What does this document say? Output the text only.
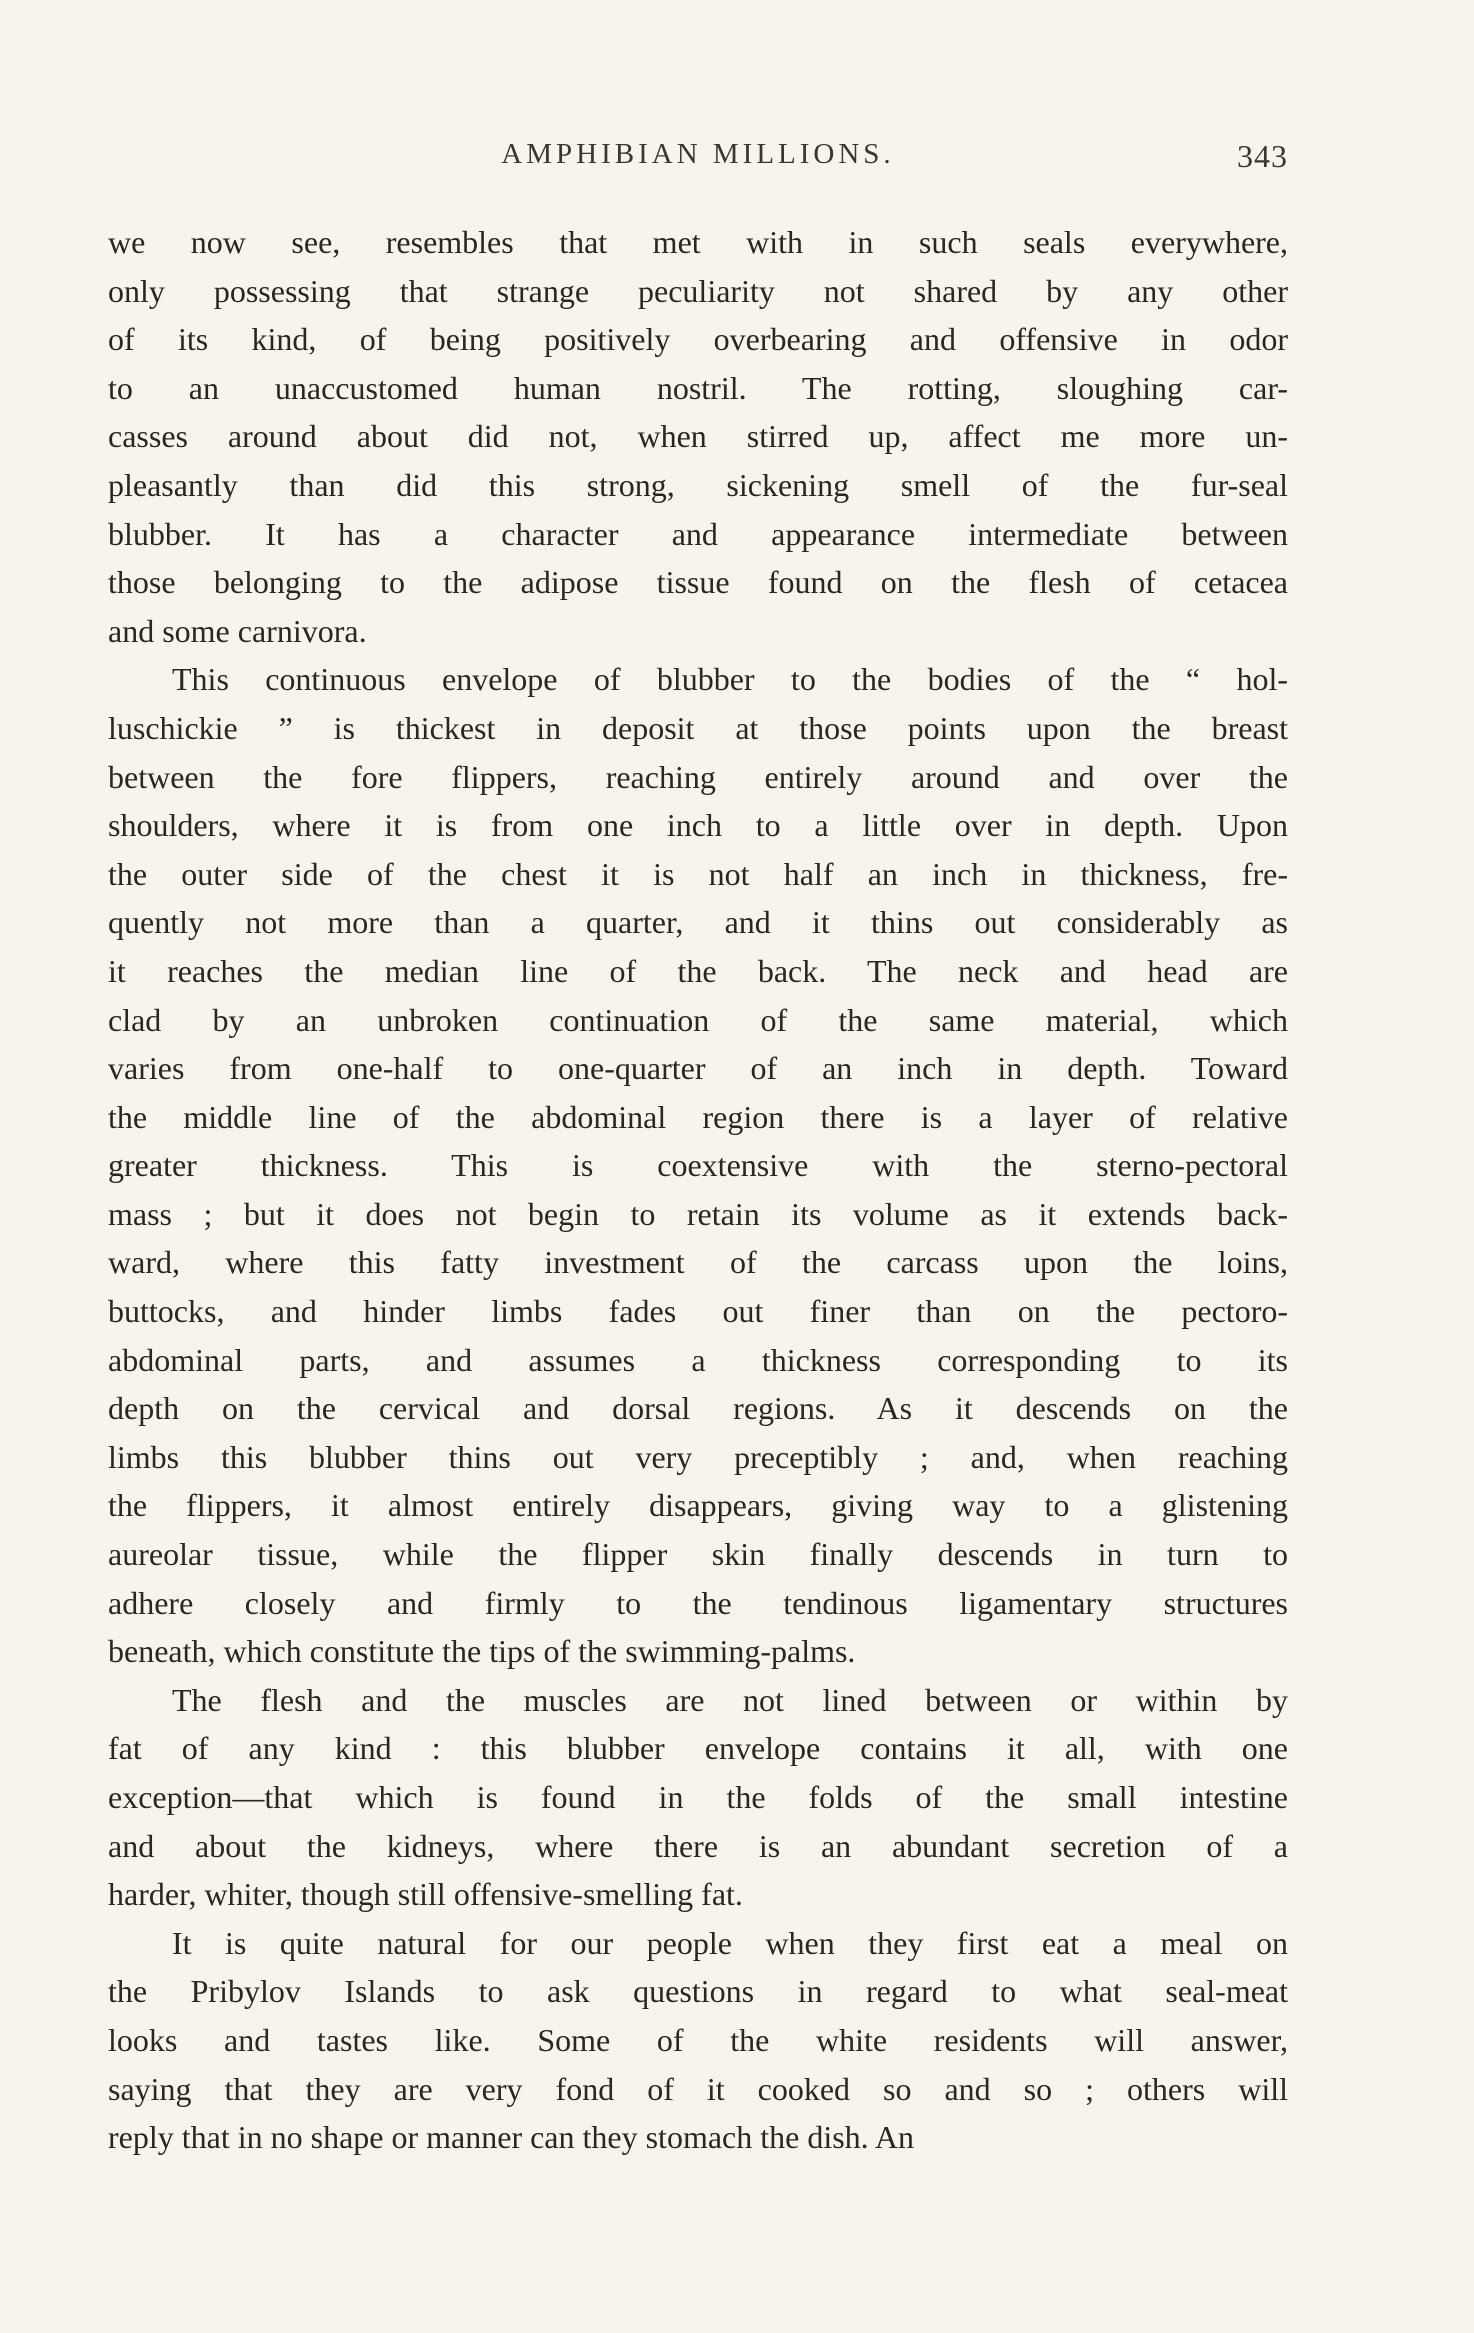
AMPHIBIAN MILLIONS.	343
we now see, resembles that met with in such seals everywhere,
only possessing that strange peculiarity not shared by any other
of its kind, of being positively overbearing and offensive in odor
to an unaccustomed human nostril. The rotting, sloughing car-
casses around about did not, when stirred up, affect me more un-
pleasantly than did this strong, sickening smell of the fur-seal
blubber. It has a character and appearance intermediate between
those belonging to the adipose tissue found on the flesh of cetacea
and some carnivora.
This continuous envelope of blubber to the bodies of the “ hol-
luschickie ” is thickest in deposit at those points upon the breast
between the fore flippers, reaching entirely around and over the
shoulders, where it is from one inch to a little over in depth. Upon
the outer side of the chest it is not half an inch in thickness, fre-
quently not more than a quarter, and it thins out considerably as
it reaches the median line of the back. The neck and head are
clad by an unbroken continuation of the same material, which
varies from one-half to one-quarter of an inch in depth. Toward
the middle line of the abdominal region there is a layer of relative
greater thickness. This is coextensive with the sterno-pectoral
mass ; but it does not begin to retain its volume as it extends back-
ward, where this fatty investment of the carcass upon the loins,
buttocks, and hinder limbs fades out finer than on the pectoro-
abdominal parts, and assumes a thickness corresponding to its
depth on the cervical and dorsal regions. As it descends on the
limbs this blubber thins out very preceptibly ; and, when reaching
the flippers, it almost entirely disappears, giving way to a glistening
aureolar tissue, while the flipper skin finally descends in turn to
adhere closely and firmly to the tendinous ligamentary structures
beneath, which constitute the tips of the swimming-palms.
The flesh and the muscles are not lined between or within by
fat of any kind : this blubber envelope contains it all, with one
exception—that which is found in the folds of the small intestine
and about the kidneys, where there is an abundant secretion of a
harder, whiter, though still offensive-smelling fat.
It is quite natural for our people when they first eat a meal on
the Pribylov Islands to ask questions in regard to what seal-meat
looks and tastes like. Some of the white residents will answer,
saying that they are very fond of it cooked so and so ; others will
reply that in no shape or manner can they stomach the dish. An
